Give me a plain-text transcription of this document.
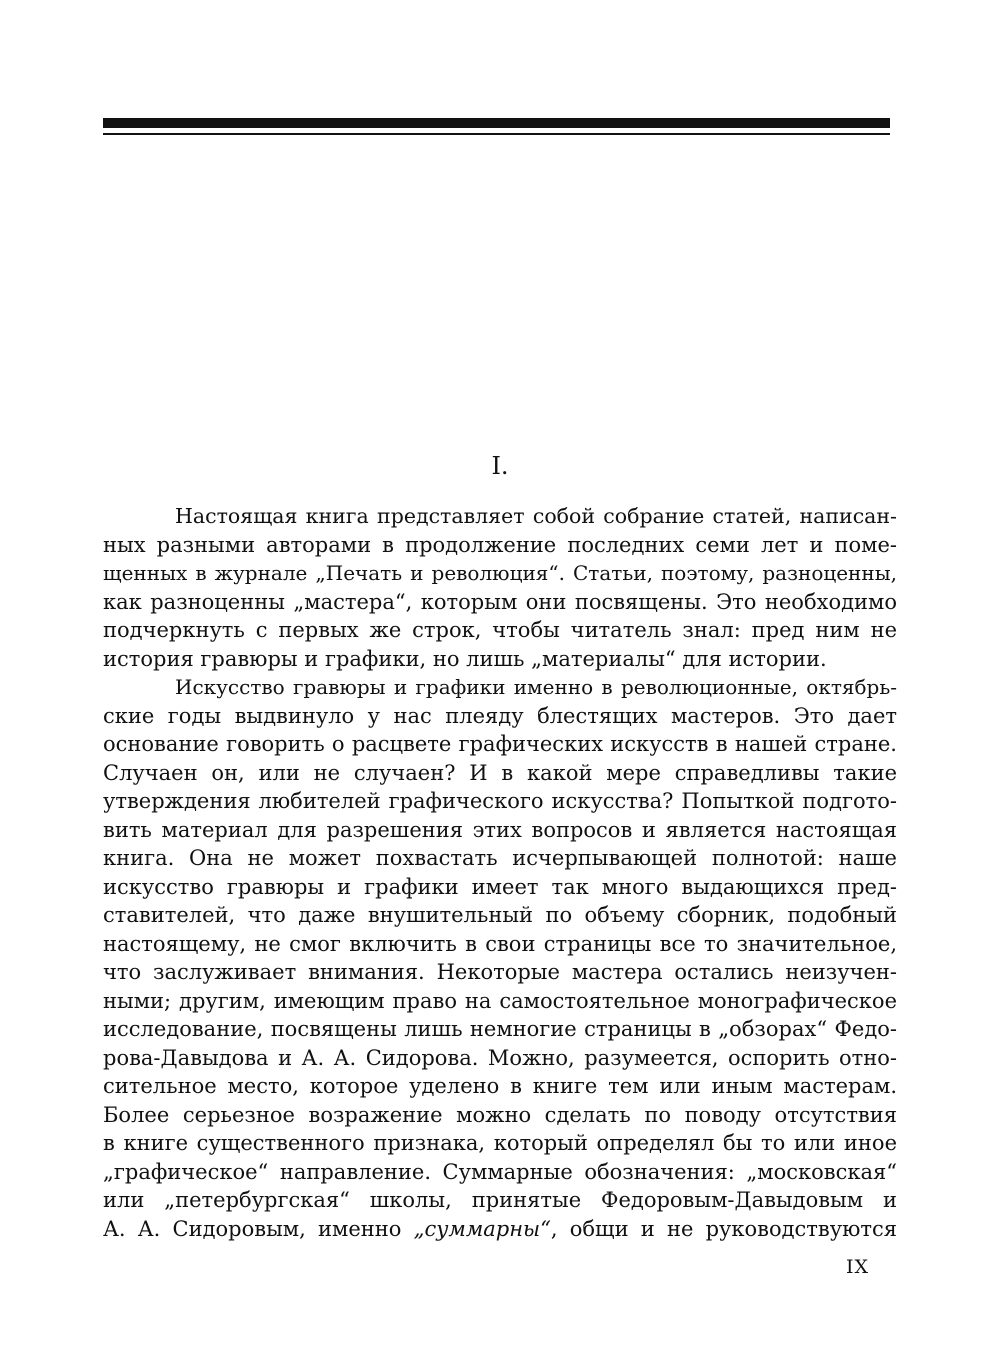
I.
Настоящая книга представляет собой собрание статей, написан-
ных разными авторами в продолжение последних семи лет и поме-
щенных в журнале „Печать и революция“. Статьи, поэтому, разноценны,
как разноценны „мастера“, которым они посвящены. Это необходимо
подчеркнуть с первых же строк, чтобы читатель знал: пред ним не
история гравюры и графики, но лишь „материалы“ для истории.
Искусство гравюры и графики именно в революционные, октябрь-
ские годы выдвинуло у нас плеяду блестящих мастеров. Это дает
основание говорить о расцвете графических искусств в нашей стране.
Случаен он, или не случаен? И в какой мере справедливы такие
утверждения любителей графического искусства? Попыткой подгото-
вить материал для разрешения этих вопросов и является настоящая
книга. Она не может похвастать исчерпывающей полнотой: наше
искусство гравюры и графики имеет так много выдающихся пред-
ставителей, что даже внушительный по объему сборник, подобный
настоящему, не смог включить в свои страницы все то значительное,
что заслуживает внимания. Некоторые мастера остались неизучен-
ными; другим, имеющим право на самостоятельное монографическое
исследование, посвящены лишь немногие страницы в „обзорах“ Федо-
рова-Давыдова и А. А. Сидорова. Можно, разумеется, оспорить отно-
сительное место, которое уделено в книге тем или иным мастерам.
Более серьезное возражение можно сделать по поводу отсутствия
в книге существенного признака, который определял бы то или иное
„графическое“ направление. Суммарные обозначения: „московская“
или „петербургская“ школы, принятые Федоровым-Давыдовым и
А. А. Сидоровым, именно „суммарны“, общи и не руководствуются
IX
